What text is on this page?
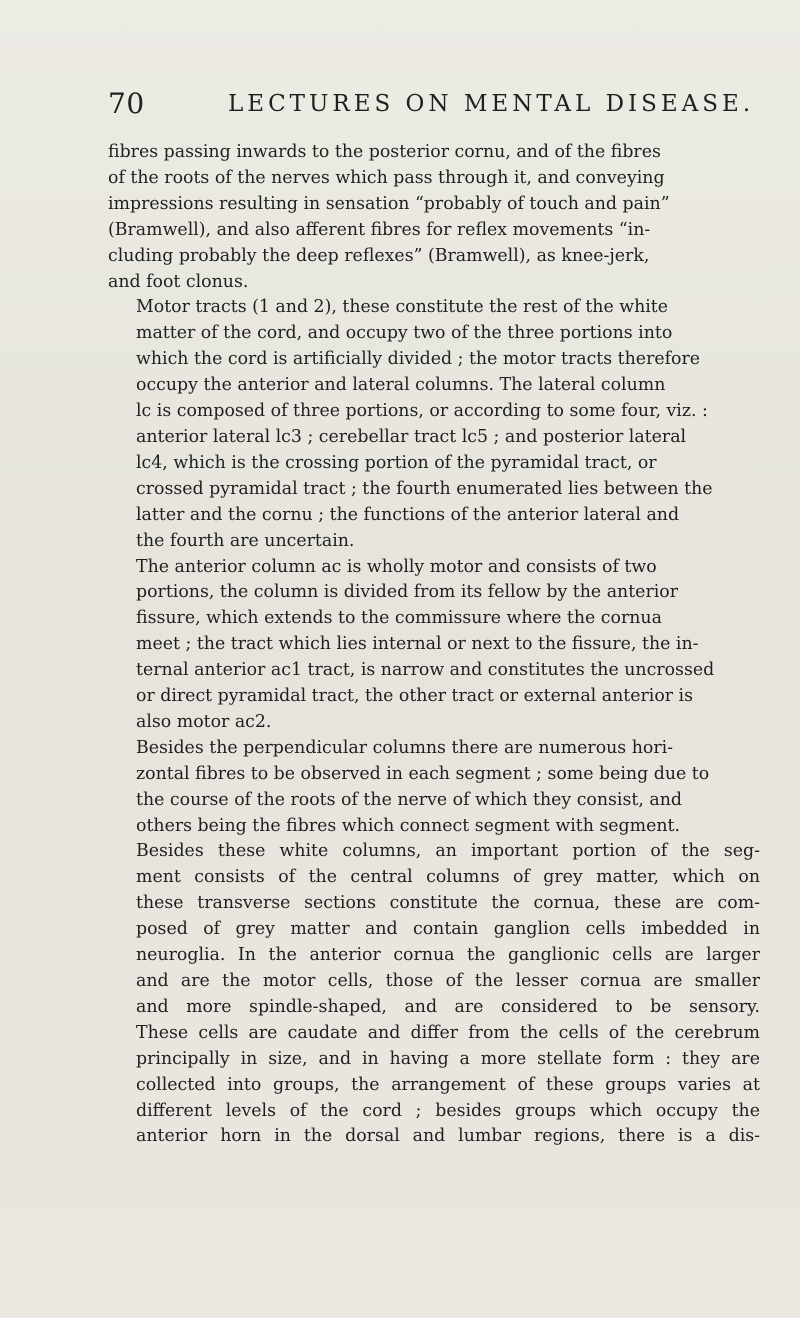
70	LECTURES ON MENTAL DISEASE.

fibres passing inwards to the posterior cornu, and of the fibres
of the roots of the nerves which pass through it, and conveying
impressions resulting in sensation “probably of touch and pain”
(Bramwell), and also afferent fibres for reflex movements “in-
cluding probably the deep reflexes” (Bramwell), as knee-jerk,
and foot clonus.

Motor tracts (1 and 2), these constitute the rest of the white
matter of the cord, and occupy two of the three portions into
which the cord is artificially divided ; the motor tracts therefore
occupy the anterior and lateral columns. The lateral column
lc is composed of three portions, or according to some four, viz. :
anterior lateral lc3 ; cerebellar tract lc5 ; and posterior lateral
lc4, which is the crossing portion of the pyramidal tract, or
crossed pyramidal tract ; the fourth enumerated lies between the
latter and the cornu ; the functions of the anterior lateral and
the fourth are uncertain.

The anterior column ac is wholly motor and consists of two
portions, the column is divided from its fellow by the anterior
fissure, which extends to the commissure where the cornua
meet ; the tract which lies internal or next to the fissure, the in-
ternal anterior ac1 tract, is narrow and constitutes the uncrossed
or direct pyramidal tract, the other tract or external anterior is
also motor ac2.

Besides the perpendicular columns there are numerous hori-
zontal fibres to be observed in each segment ; some being due to
the course of the roots of the nerve of which they consist, and
others being the fibres which connect segment with segment.

Besides these white columns, an important portion of the seg-
ment consists of the central columns of grey matter, which on
these transverse sections constitute the cornua, these are com-
posed of grey matter and contain ganglion cells imbedded in
neuroglia. In the anterior cornua the ganglionic cells are larger
and are the motor cells, those of the lesser cornua are smaller
and more spindle-shaped, and are considered to be sensory.
These cells are caudate and differ from the cells of the cerebrum
principally in size, and in having a more stellate form : they are
collected into groups, the arrangement of these groups varies at
different levels of the cord ; besides groups which occupy the
anterior horn in the dorsal and lumbar regions, there is a dis-
